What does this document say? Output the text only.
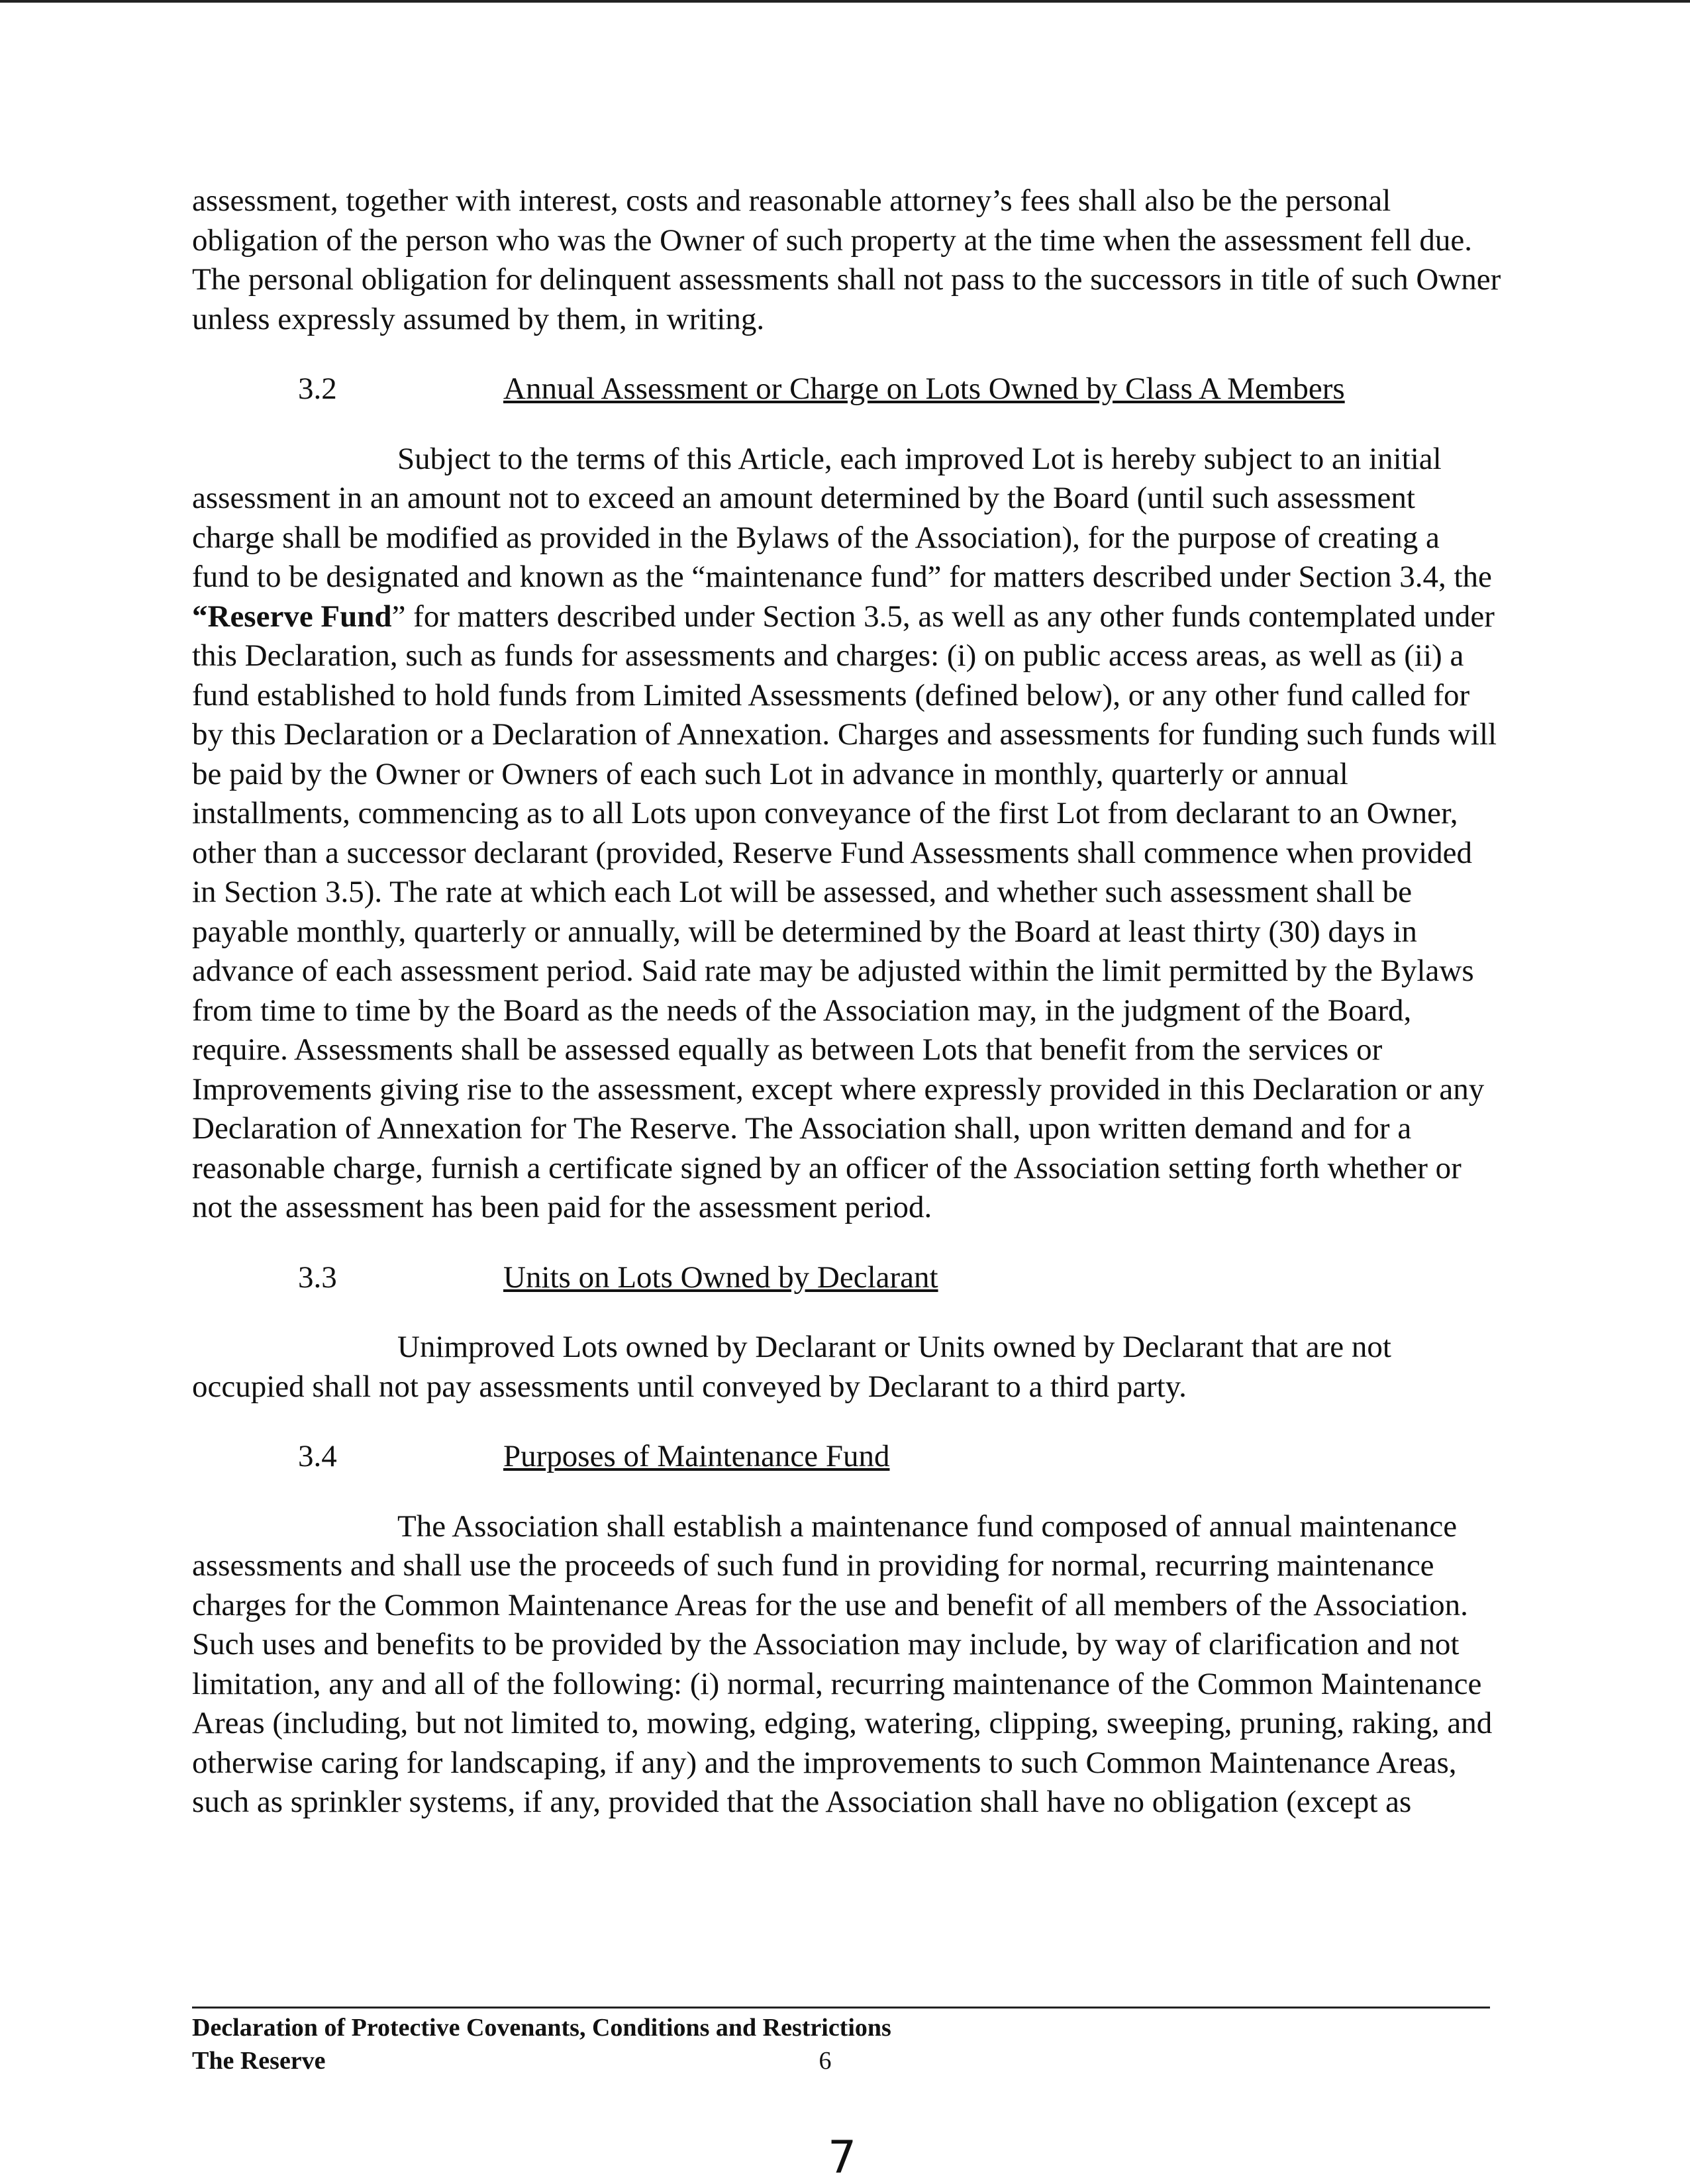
assessment, together with interest, costs and reasonable attorney’s fees shall also be the personal obligation of the person who was the Owner of such property at the time when the assessment fell due. The personal obligation for delinquent assessments shall not pass to the successors in title of such Owner unless expressly assumed by them, in writing.

3.2	Annual Assessment or Charge on Lots Owned by Class A Members

Subject to the terms of this Article, each improved Lot is hereby subject to an initial assessment in an amount not to exceed an amount determined by the Board (until such assessment charge shall be modified as provided in the Bylaws of the Association), for the purpose of creating a fund to be designated and known as the “maintenance fund” for matters described under Section 3.4, the “Reserve Fund” for matters described under Section 3.5, as well as any other funds contemplated under this Declaration, such as funds for assessments and charges: (i) on public access areas, as well as (ii) a fund established to hold funds from Limited Assessments (defined below), or any other fund called for by this Declaration or a Declaration of Annexation. Charges and assessments for funding such funds will be paid by the Owner or Owners of each such Lot in advance in monthly, quarterly or annual installments, commencing as to all Lots upon conveyance of the first Lot from declarant to an Owner, other than a successor declarant (provided, Reserve Fund Assessments shall commence when provided in Section 3.5). The rate at which each Lot will be assessed, and whether such assessment shall be payable monthly, quarterly or annually, will be determined by the Board at least thirty (30) days in advance of each assessment period. Said rate may be adjusted within the limit permitted by the Bylaws from time to time by the Board as the needs of the Association may, in the judgment of the Board, require. Assessments shall be assessed equally as between Lots that benefit from the services or Improvements giving rise to the assessment, except where expressly provided in this Declaration or any Declaration of Annexation for The Reserve. The Association shall, upon written demand and for a reasonable charge, furnish a certificate signed by an officer of the Association setting forth whether or not the assessment has been paid for the assessment period.

3.3	Units on Lots Owned by Declarant

Unimproved Lots owned by Declarant or Units owned by Declarant that are not occupied shall not pay assessments until conveyed by Declarant to a third party.

3.4	Purposes of Maintenance Fund

The Association shall establish a maintenance fund composed of annual maintenance assessments and shall use the proceeds of such fund in providing for normal, recurring maintenance charges for the Common Maintenance Areas for the use and benefit of all members of the Association. Such uses and benefits to be provided by the Association may include, by way of clarification and not limitation, any and all of the following: (i) normal, recurring maintenance of the Common Maintenance Areas (including, but not limited to, mowing, edging, watering, clipping, sweeping, pruning, raking, and otherwise caring for landscaping, if any) and the improvements to such Common Maintenance Areas, such as sprinkler systems, if any, provided that the Association shall have no obligation (except as

Declaration of Protective Covenants, Conditions and Restrictions

The Reserve	6

7
